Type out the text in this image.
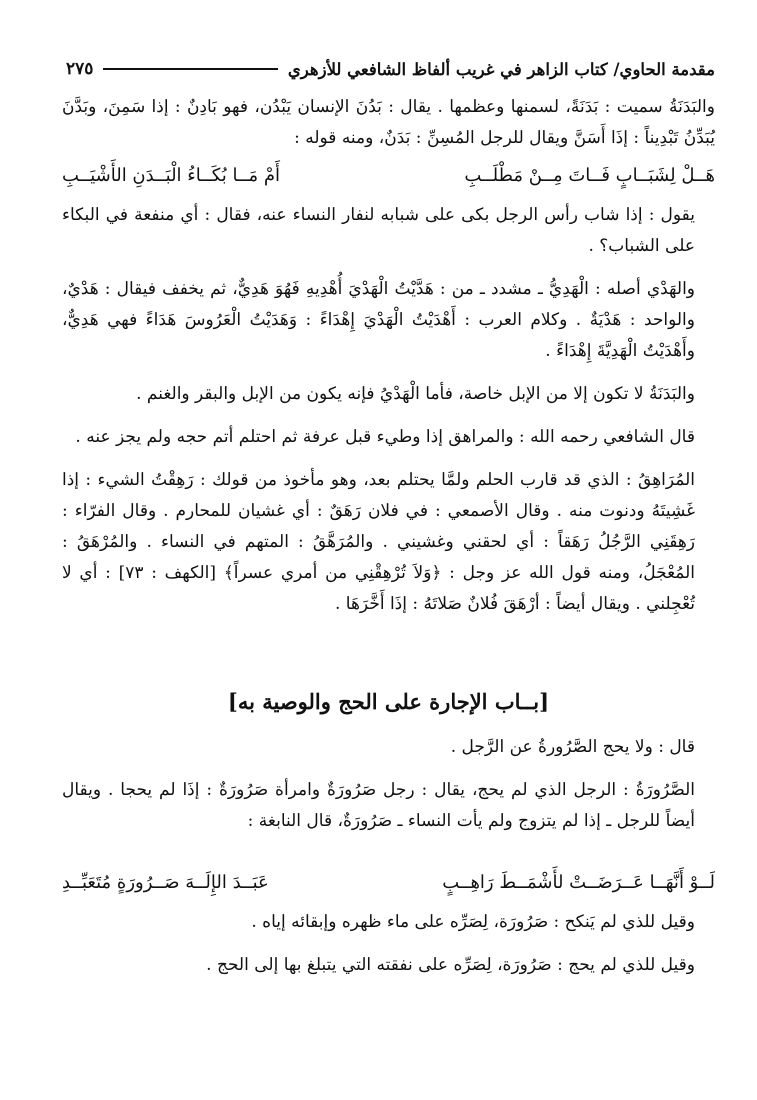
مقدمة الحاوي/ كتاب الزاهر في غريب ألفاظ الشافعي للأزهري
٢٧٥

والبَدَنَةُ سميت : بَدَنَةً، لسمنها وعظمها . يقال : بَدُنَ الإنسان يَبْدُن، فهو بَادِنٌ : إذا سَمِنَ، وبَدَّنَ يُبَدِّنُ تَبْدِيناً : إذَا أَسَنَّ ويقال للرجل المُسِنِّ : بَدَنٌ، ومنه قوله :

هَــلْ لِشَبَــابٍ فَــاتَ مِــنْ مَطْلَــبِ
أَمْ مَــا بُكَــاءُ الْبَــدَنِ الأَشْيَــبِ

يقول : إذا شاب رأس الرجل بكى على شبابه لنفار النساء عنه، فقال : أي منفعة في البكاء على الشباب؟ .

والهَدْي أصله : الْهَدِيُّ ـ مشدد ـ من : هَدَّيْتُ الْهَدْيَ أُهْدِيهِ فَهُوَ هَدِيٌّ، ثم يخفف فيقال : هَدْيٌ، والواحد : هَدْيَةٌ . وكلام العرب : أَهْدَيْتُ الْهَدْيَ إِهْدَاءً : وَهَدَيْتُ الْعَرُوسَ هَدَاءً فهي هَدِيٌّ، وأَهْدَيْتُ الْهَدِيَّةَ إِهْدَاءً .

والبَدَنَةُ لا تكون إلا من الإبل خاصة، فأما الْهَدْيُ فإنه يكون من الإبل والبقر والغنم .

قال الشافعي رحمه الله : والمراهق إذا وطيء قبل عرفة ثم احتلم أتم حجه ولم يجز عنه .

المُرَاهِقُ : الذي قد قارب الحلم ولمَّا يحتلم بعد، وهو مأخوذ من قولك : رَهِقْتُ الشيء : إذا غَشِيتَهُ ودنوت منه . وقال الأصمعي : في فلان رَهَقٌ : أي غشيان للمحارم . وقال الفرّاء : رَهِقَنِي الرَّجُلُ رَهَقاً : أي لحقني وغشيني . والمُرَهَّقُ : المتهم في النساء . والمُرْهَقُ : المُعْجَلُ، ومنه قول الله عز وجل : ﴿وَلاَ تُرْهِقْنِي من أمري عسراً﴾ [الكهف : ٧٣] : أي لا تُعْجِلني . ويقال أيضاً : أرْهَقَ فُلانٌ صَلاتَهُ : إذَا أَخَّرَهَا .

[بــاب الإجارة على الحج والوصية به]

قال : ولا يحج الصَّرُورةُ عن الرَّجل .

الصَّرُورَةُ : الرجل الذي لم يحج، يقال : رجل صَرُورَةٌ وامرأة صَرُورَةٌ : إذَا لم يحجا . ويقال أيضاً للرجل ـ إذا لم يتزوج ولم يأت النساء ـ صَرُورَةٌ، قال النابغة :

لَــوْ أَنَّهَــا عَــرَضَــتْ لأَشْمَــطَ رَاهِــبٍ
عَبَــدَ الإِلَــهَ صَــرُورَةٍ مُتَعَبِّــدِ

وقيل للذي لم يَنكح : صَرُورَة، لِصَرِّه على ماء ظهره وإبقائه إياه .

وقيل للذي لم يحج : صَرُورَة، لِصَرِّه على نفقته التي يتبلغ بها إلى الحج .
